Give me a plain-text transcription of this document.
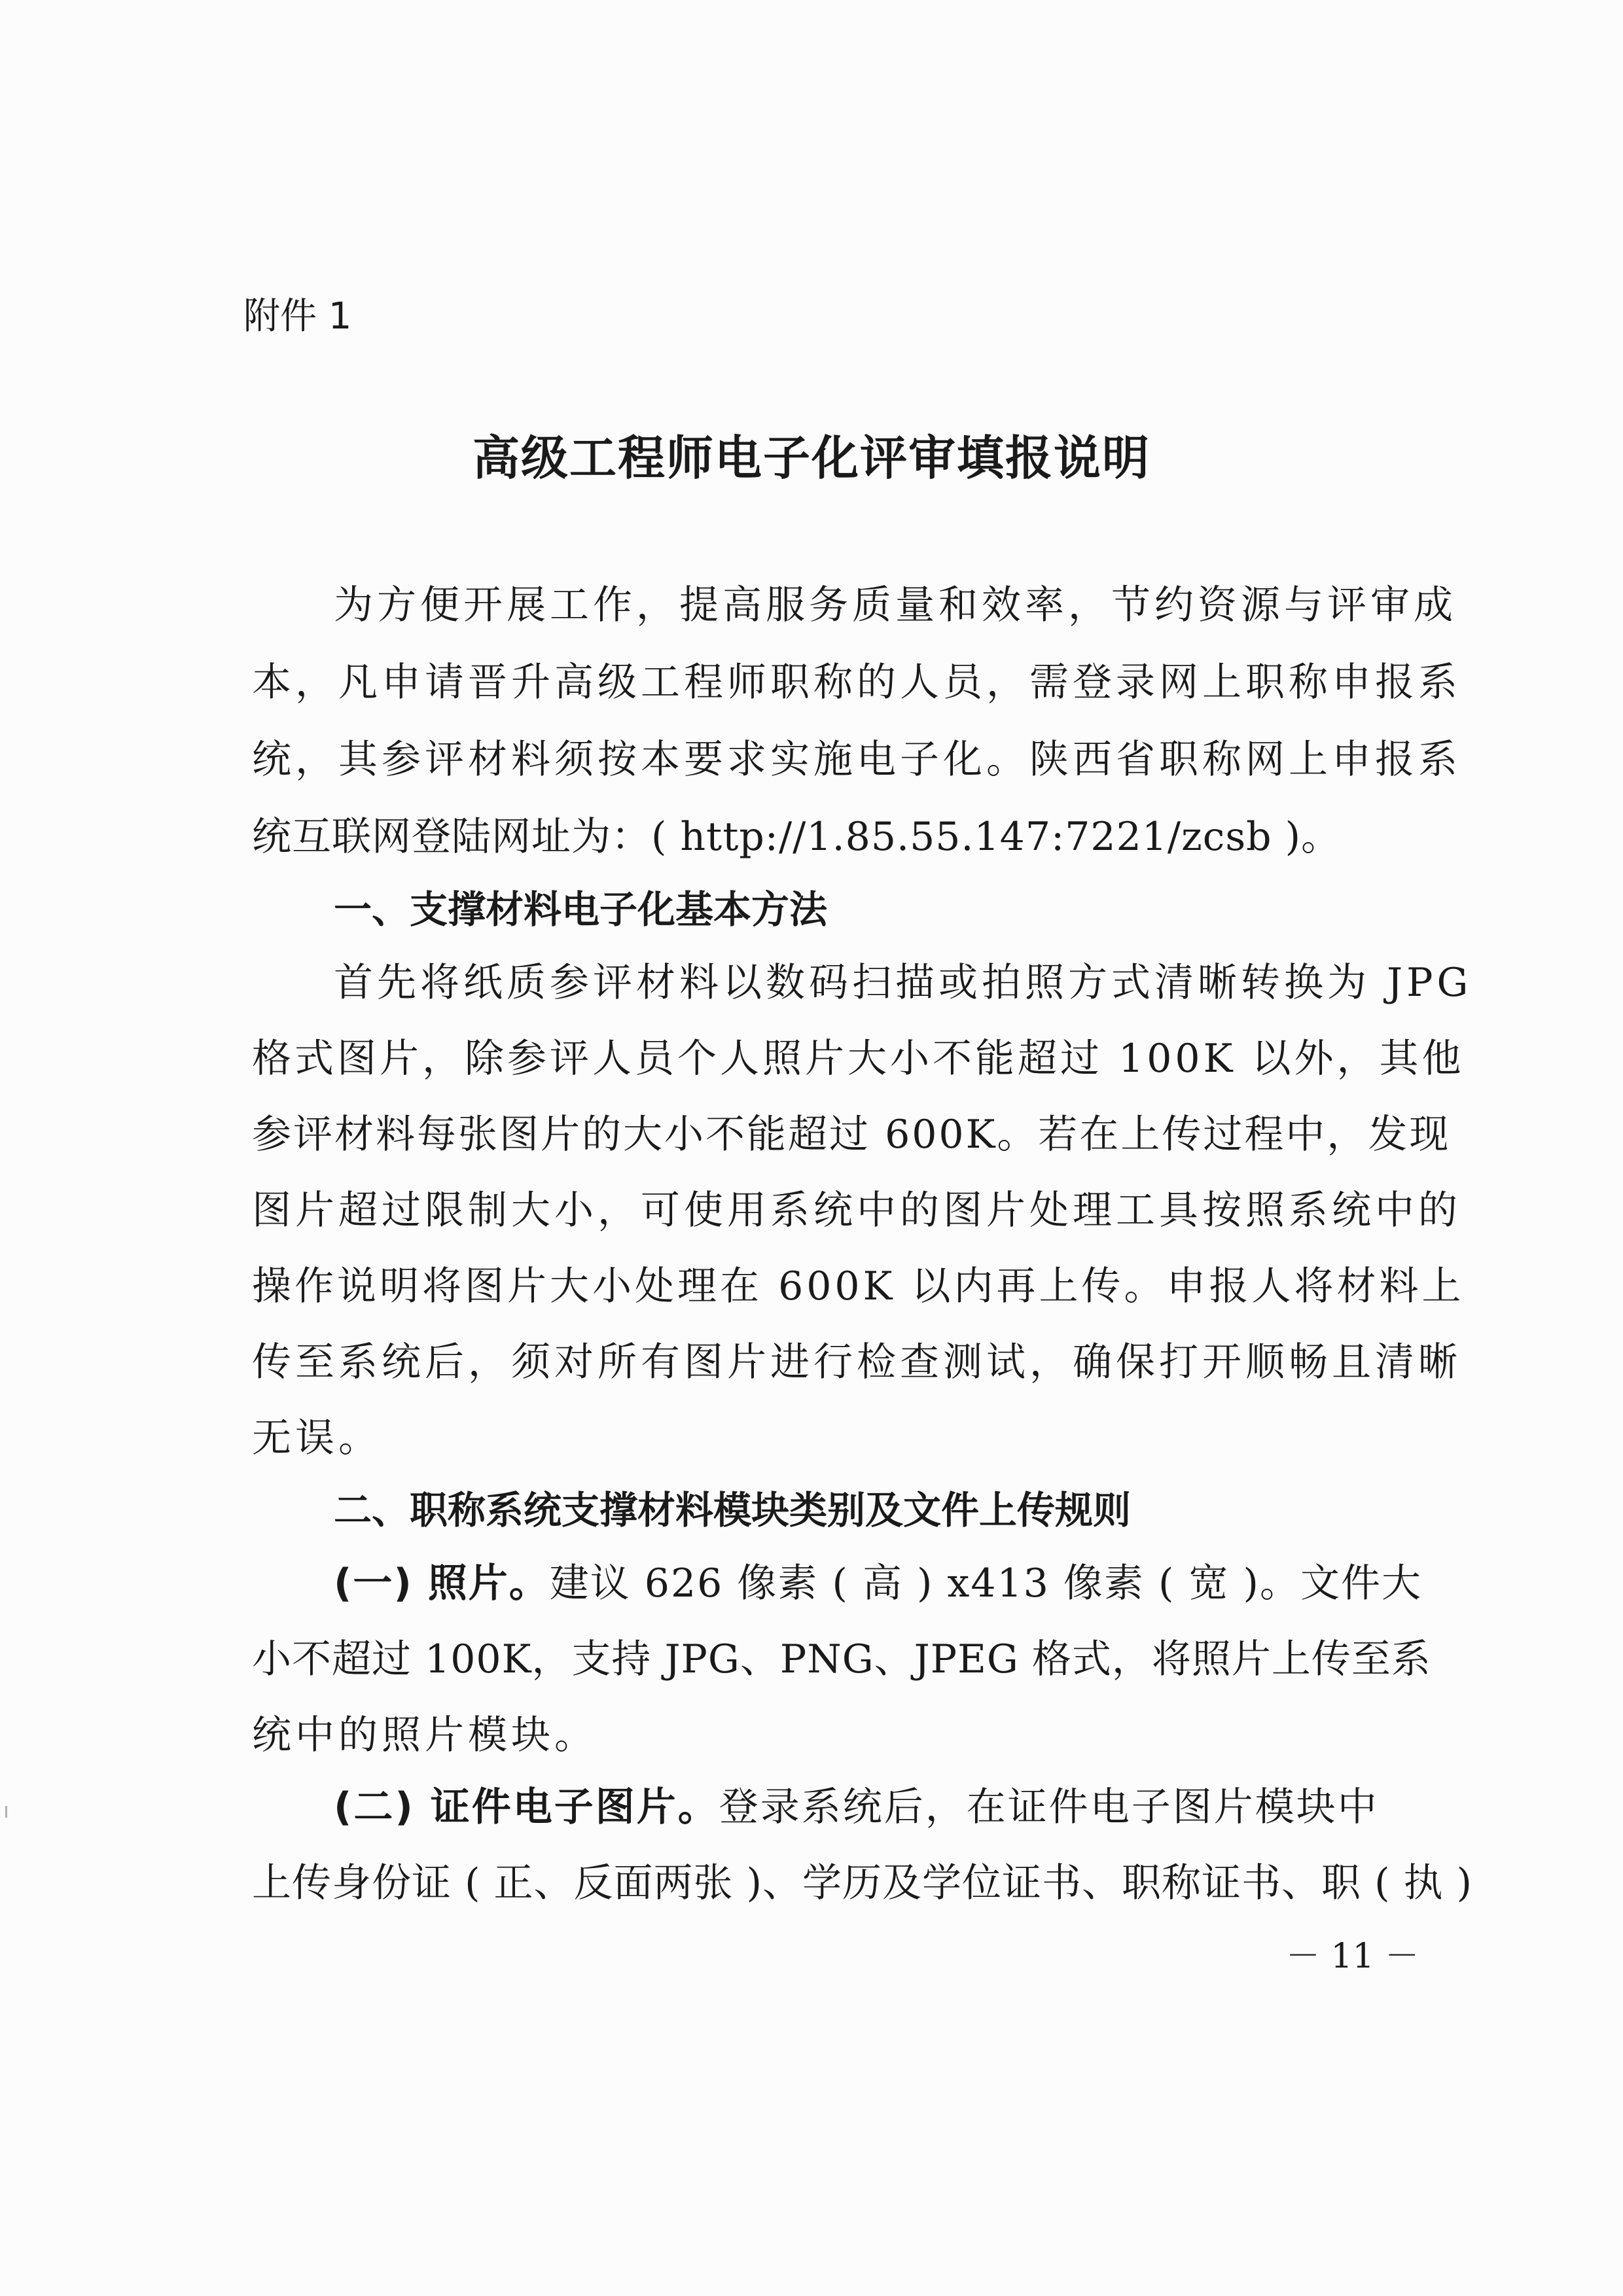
附件 1
高级工程师电子化评审填报说明
为方便开展工作，提高服务质量和效率，节约资源与评审成
本，凡申请晋升高级工程师职称的人员，需登录网上职称申报系
统，其参评材料须按本要求实施电子化。陕西省职称网上申报系
统互联网登陆网址为：( http://1.85.55.147:7221/zcsb )。
一、支撑材料电子化基本方法
首先将纸质参评材料以数码扫描或拍照方式清晰转换为 JPG
格式图片，除参评人员个人照片大小不能超过 100K 以外，其他
参评材料每张图片的大小不能超过 600K。若在上传过程中，发现
图片超过限制大小，可使用系统中的图片处理工具按照系统中的
操作说明将图片大小处理在 600K 以内再上传。申报人将材料上
传至系统后，须对所有图片进行检查测试，确保打开顺畅且清晰
无误。
二、职称系统支撑材料模块类别及文件上传规则
(一) 照片。建议 626 像素 ( 高 ) x413 像素 ( 宽 )。文件大
小不超过 100K，支持 JPG、PNG、JPEG 格式，将照片上传至系
统中的照片模块。
(二) 证件电子图片。登录系统后，在证件电子图片模块中
上传身份证 ( 正、反面两张 )、学历及学位证书、职称证书、职 ( 执 )
－ 11 －
